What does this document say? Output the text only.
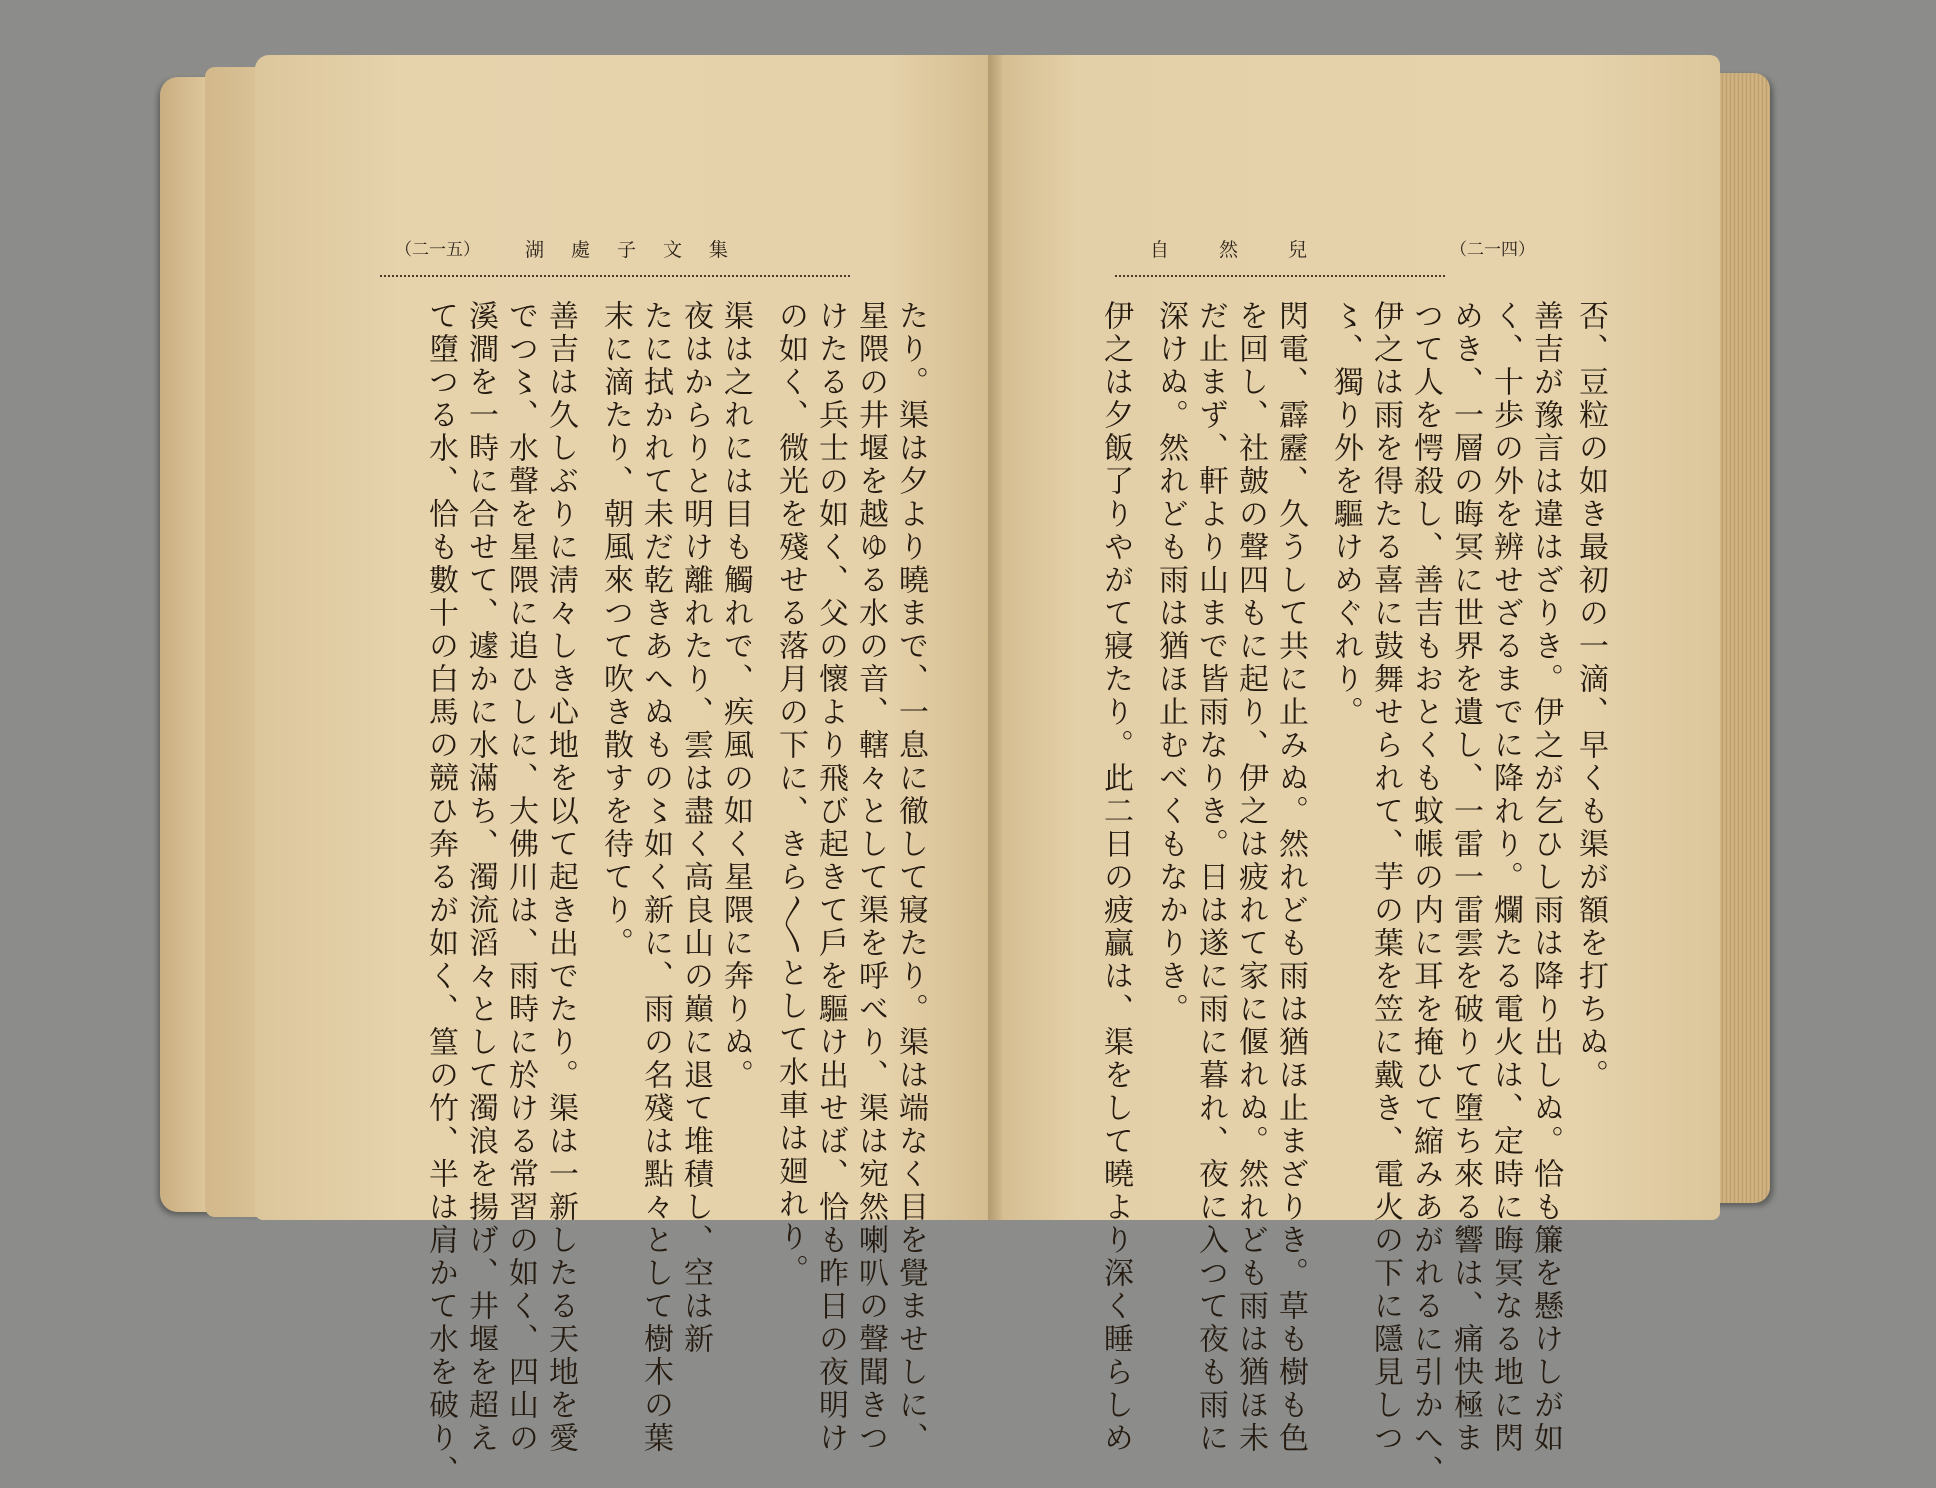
（二一五） 湖　處　子　文　集	自　　然　　兒	（二一四）
たり。渠は夕より曉まで、一息に徹して寢たり。渠は端なく目を覺ませしに、
星隈の井堰を越ゆる水の音、轄々として渠を呼べり、渠は宛然喇叭の聲聞きつ
けたる兵士の如く、父の懷より飛び起きて戶を驅け出せば、恰も昨日の夜明け
の如く、微光を殘せる落月の下に、きら〳〵として水車は廻れり。
渠は之れには目も觸れで、疾風の如く星隈に奔りぬ。
夜はからりと明け離れたり、雲は盡く高良山の巔に退て堆積し、空は新
たに拭かれて未だ乾きあへぬもの〻如く新に、雨の名殘は點々として樹木の葉
末に滴たり、朝風來つて吹き散すを待てり。
善吉は久しぶりに淸々しき心地を以て起き出でたり。渠は一新したる天地を愛
でつ〻、水聲を星隈に追ひしに、大佛川は、雨時に於ける常習の如く、四山の
溪澗を一時に合せて、遽かに水滿ち、濁流滔々として濁浪を揚げ、井堰を超え
て墮つる水、恰も數十の白馬の競ひ奔るが如く、篁の竹、半は肩かて水を破り、	否、豆粒の如き最初の一滴、早くも渠が額を打ちぬ。
善吉が豫言は違はざりき。伊之が乞ひし雨は降り出しぬ。恰も簾を懸けしが如
く、十歩の外を辨せざるまでに降れり。爛たる電火は、定時に晦冥なる地に閃
めき、一層の晦冥に世界を遺し、一雷一雷雲を破りて墮ち來る響は、痛快極ま
つて人を愕殺し、善吉もおとくも蚊帳の内に耳を掩ひて縮みあがれるに引かへ、
伊之は雨を得たる喜に鼓舞せられて、芋の葉を笠に戴き、電火の下に隱見しつ
〻、獨り外を驅けめぐれり。
閃電、霹靂、久うして共に止みぬ。然れども雨は猶ほ止まざりき。草も樹も色
を回し、社皷の聲四もに起り、伊之は疲れて家に偃れぬ。然れども雨は猶ほ未
だ止まず、軒より山まで皆雨なりき。日は遂に雨に暮れ、夜に入つて夜も雨に
深けぬ。然れども雨は猶ほ止むべくもなかりき。
伊之は夕飯了りやがて寢たり。此二日の疲贏は、渠をして曉より深く睡らしめ
